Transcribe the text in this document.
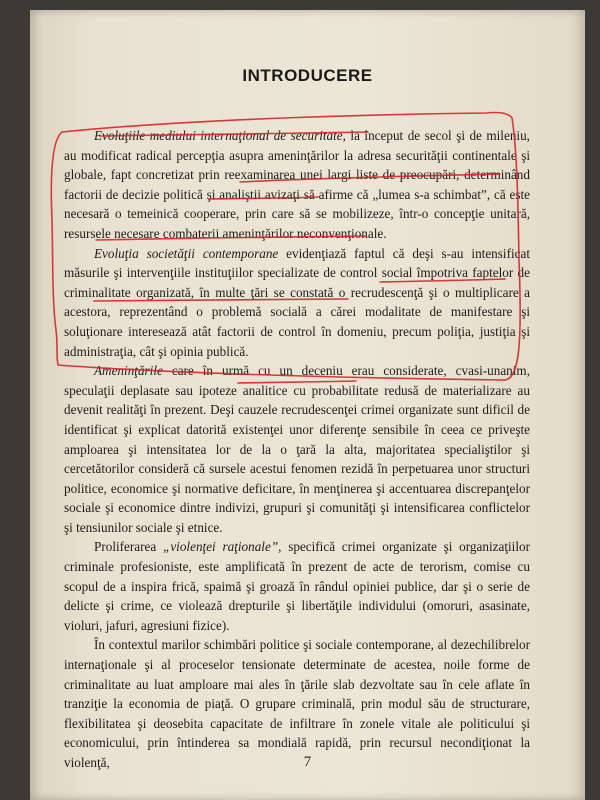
INTRODUCERE

Evoluţiile mediului internaţional de securitate, la început de secol şi de mileniu, au modificat radical percepţia asupra ameninţărilor la adresa securităţii continentale şi globale, fapt concretizat prin reexaminarea unei largi liste de preocupări, determinând factorii de decizie politică şi analiştii avizaţi să afirme că „lumea s-a schimbat”, că este necesară o temeinică cooperare, prin care să se mobilizeze, într-o concepţie unitară, resursele necesare combaterii ameninţărilor neconvenţionale.

Evoluţia societăţii contemporane evidenţiază faptul că deşi s-au intensificat măsurile şi intervenţiile instituţiilor specializate de control social împotriva faptelor de criminalitate organizată, în multe ţări se constată o recrudescenţă şi o multiplicare a acestora, reprezentând o problemă socială a cărei modalitate de manifestare şi soluţionare interesează atât factorii de control în domeniu, precum poliţia, justiţia şi administraţia, cât şi opinia publică.

Ameninţările care în urmă cu un deceniu erau considerate, cvasi-unanim, speculaţii deplasate sau ipoteze analitice cu probabilitate redusă de materializare au devenit realităţi în prezent. Deşi cauzele recrudescenţei crimei organizate sunt dificil de identificat şi explicat datorită existenţei unor diferenţe sensibile în ceea ce priveşte amploarea şi intensitatea lor de la o ţară la alta, majoritatea specialiştilor şi cercetătorilor consideră că sursele acestui fenomen rezidă în perpetuarea unor structuri politice, economice şi normative deficitare, în menţinerea şi accentuarea discrepanţelor sociale şi economice dintre indivizi, grupuri şi comunităţi şi intensificarea conflictelor şi tensiunilor sociale şi etnice.

Proliferarea „violenţei raţionale”, specifică crimei organizate şi organizaţiilor criminale profesioniste, este amplificată în prezent de acte de terorism, comise cu scopul de a inspira frică, spaimă şi groază în rândul opiniei publice, dar şi o serie de delicte şi crime, ce violează drepturile şi libertăţile individului (omoruri, asasinate, violuri, jafuri, agresiuni fizice).

În contextul marilor schimbări politice şi sociale contemporane, al dezechilibrelor internaţionale şi al proceselor tensionate determinate de acestea, noile forme de criminalitate au luat amploare mai ales în ţările slab dezvoltate sau în cele aflate în tranziţie la economia de piaţă. O grupare criminală, prin modul său de structurare, flexibilitatea şi deosebita capacitate de infiltrare în zonele vitale ale politicului şi economicului, prin întinderea sa mondială rapidă, prin recursul necondiţionat la violenţă,	7
